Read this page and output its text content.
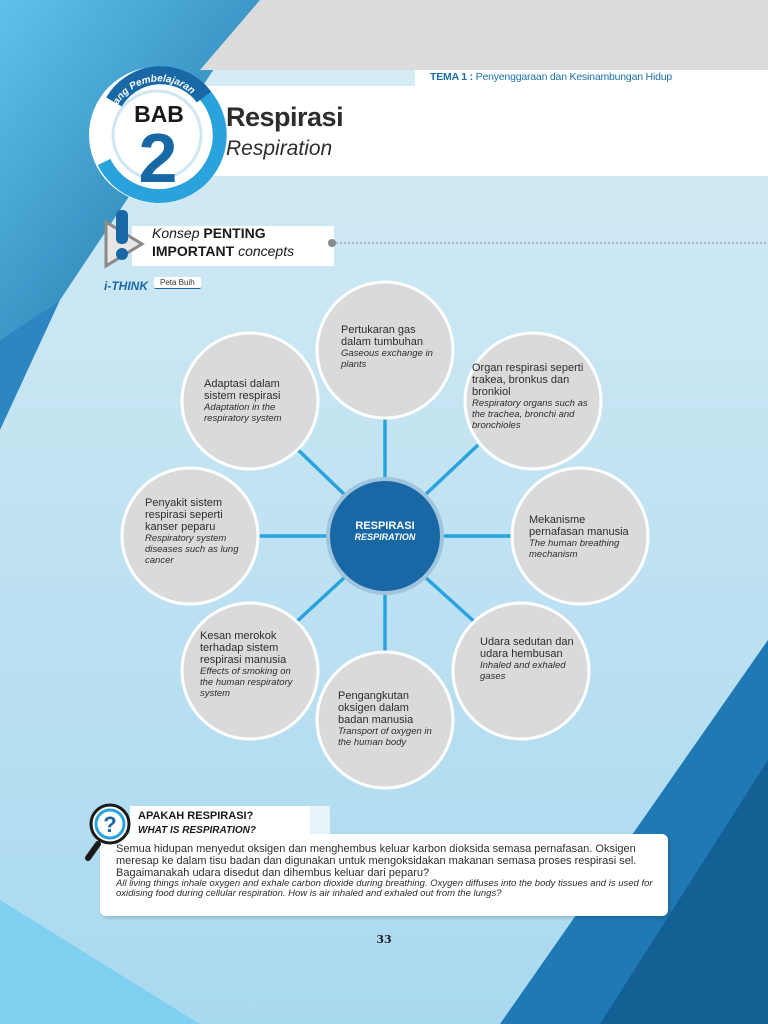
TEMA 1 : Penyenggaraan dan Kesinambungan Hidup
Bidang Pembelajaran
BAB
2
Respirasi
Respiration
Konsep PENTING
IMPORTANT concepts
i-THINK	Peta Buih
RESPIRASI
RESPIRATION
Pertukaran gas dalam tumbuhan
Gaseous exchange in plants	Organ respirasi seperti trakea, bronkus dan bronkiol
Respiratory organs such as the trachea, bronchi and bronchioles
Mekanisme pernafasan manusia
The human breathing mechanism
Udara sedutan dan udara hembusan
Inhaled and exhaled gases
Pengangkutan oksigen dalam badan manusia
Transport of oxygen in the human body
Kesan merokok terhadap sistem respirasi manusia
Effects of smoking on the human respiratory system
Penyakit sistem respirasi seperti kanser peparu
Respiratory system diseases such as lung cancer
Adaptasi dalam sistem respirasi
Adaptation in the respiratory system
? APAKAH RESPIRASI?
WHAT IS RESPIRATION?
Semua hidupan menyedut oksigen dan menghembus keluar karbon dioksida semasa pernafasan. Oksigen meresap ke dalam tisu badan dan digunakan untuk mengoksidakan makanan semasa proses respirasi sel. Bagaimanakah udara disedut dan dihembus keluar dari peparu?
All living things inhale oxygen and exhale carbon dioxide during breathing. Oxygen diffuses into the body tissues and is used for oxidising food during cellular respiration. How is air inhaled and exhaled out from the lungs?
33
